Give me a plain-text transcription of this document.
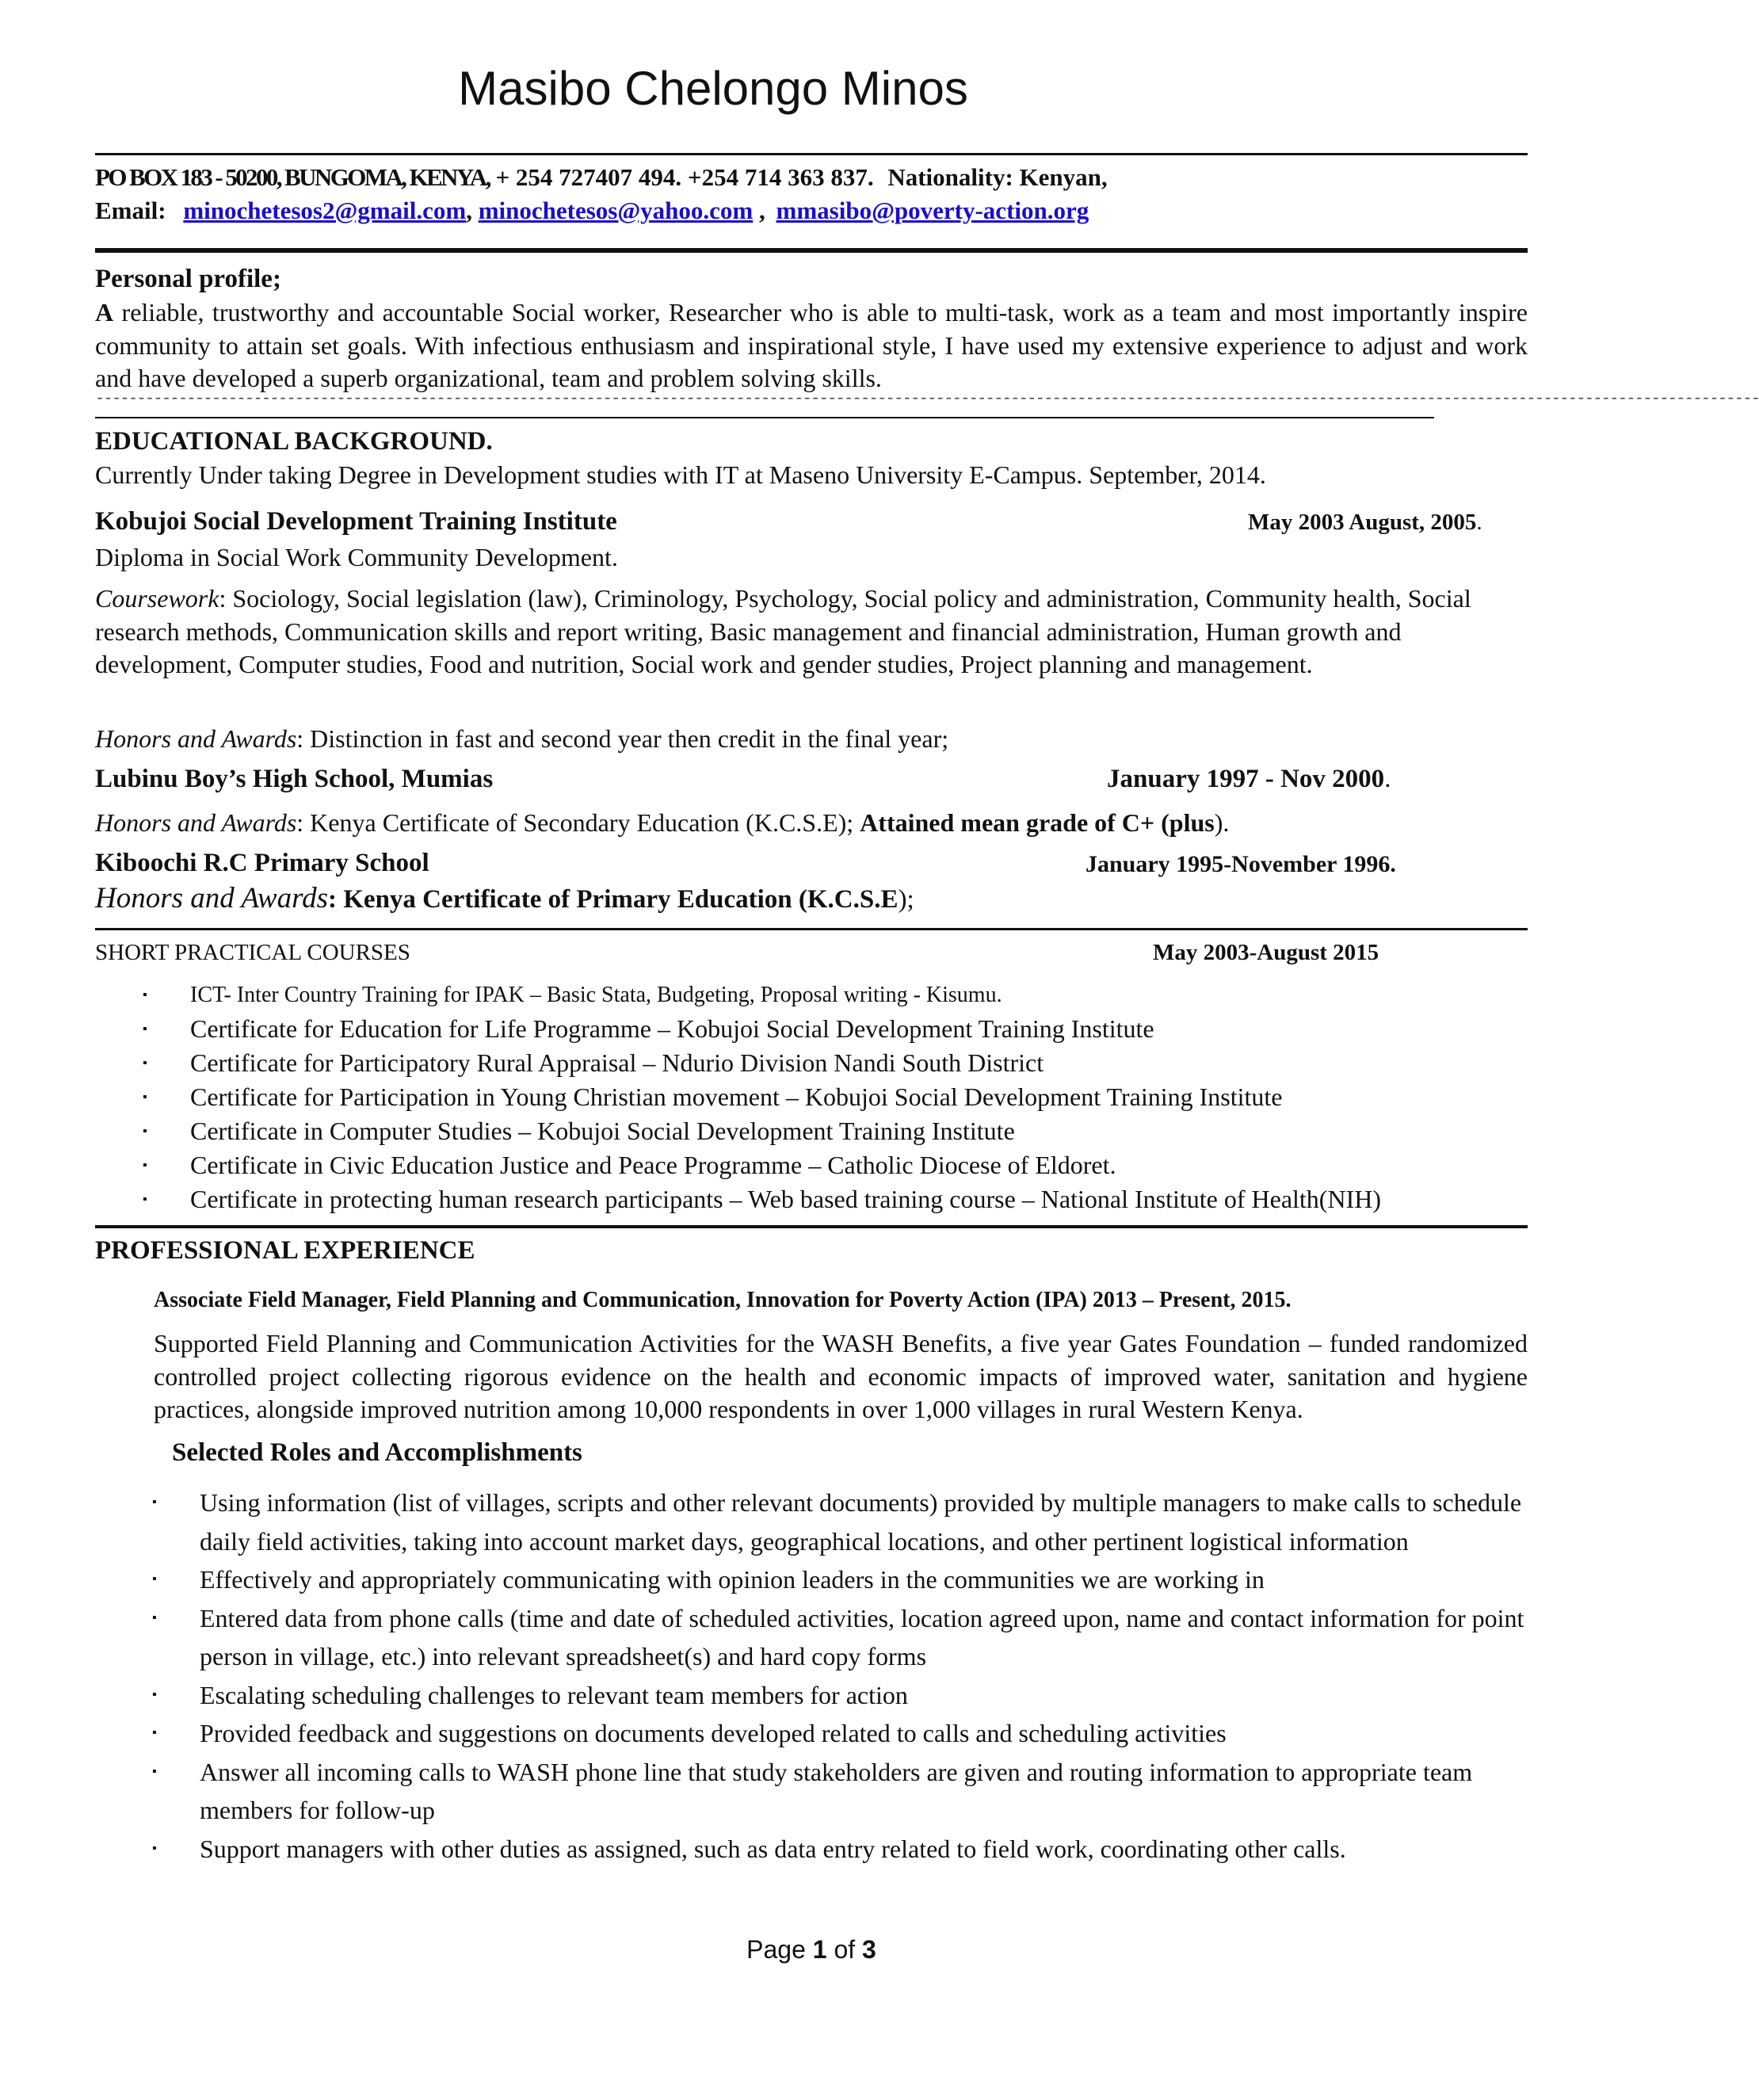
Masibo Chelongo Minos
PO BOX 183 - 50200, BUNGOMA, KENYA, + 254 727407 494. +254 714 363 837. Nationality: Kenyan,
Email: minochetesos2@gmail.com, minochetesos@yahoo.com , mmasibo@poverty-action.org
Personal profile;
A reliable, trustworthy and accountable Social worker, Researcher who is able to multi-task, work as a team and most importantly inspire community to attain set goals. With infectious enthusiasm and inspirational style, I have used my extensive experience to adjust and work and have developed a superb organizational, team and problem solving skills.
--------------------------------------------------------------------------------------------------------------------------------------------------------------------------------------------------------
EDUCATIONAL BACKGROUND.
Currently Under taking Degree in Development studies with IT at Maseno University E-Campus. September, 2014.
Kobujoi Social Development Training Institute	May 2003 August, 2005.
Diploma in Social Work Community Development.
Coursework: Sociology, Social legislation (law), Criminology, Psychology, Social policy and administration, Community health, Social research methods, Communication skills and report writing, Basic management and financial administration, Human growth and development, Computer studies, Food and nutrition, Social work and gender studies, Project planning and management.
Honors and Awards: Distinction in fast and second year then credit in the final year;
Lubinu Boy’s High School, Mumias	January 1997 - Nov 2000.
Honors and Awards: Kenya Certificate of Secondary Education (K.C.S.E); Attained mean grade of C+ (plus).
Kiboochi R.C Primary School	January 1995-November 1996.
Honors and Awards: Kenya Certificate of Primary Education (K.C.S.E);
SHORT PRACTICAL COURSES	May 2003-August 2015
▪ ICT- Inter Country Training for IPAK – Basic Stata, Budgeting, Proposal writing - Kisumu.
▪ Certificate for Education for Life Programme – Kobujoi Social Development Training Institute
▪ Certificate for Participatory Rural Appraisal – Ndurio Division Nandi South District
▪ Certificate for Participation in Young Christian movement – Kobujoi Social Development Training Institute
▪ Certificate in Computer Studies – Kobujoi Social Development Training Institute
▪ Certificate in Civic Education Justice and Peace Programme – Catholic Diocese of Eldoret.
▪ Certificate in protecting human research participants – Web based training course – National Institute of Health(NIH)
PROFESSIONAL EXPERIENCE
Associate Field Manager, Field Planning and Communication, Innovation for Poverty Action (IPA) 2013 – Present, 2015.
Supported Field Planning and Communication Activities for the WASH Benefits, a five year Gates Foundation – funded randomized controlled project collecting rigorous evidence on the health and economic impacts of improved water, sanitation and hygiene practices, alongside improved nutrition among 10,000 respondents in over 1,000 villages in rural Western Kenya.
Selected Roles and Accomplishments
▪ Using information (list of villages, scripts and other relevant documents) provided by multiple managers to make calls to schedule daily field activities, taking into account market days, geographical locations, and other pertinent logistical information
▪ Effectively and appropriately communicating with opinion leaders in the communities we are working in
▪ Entered data from phone calls (time and date of scheduled activities, location agreed upon, name and contact information for point person in village, etc.) into relevant spreadsheet(s) and hard copy forms
▪ Escalating scheduling challenges to relevant team members for action
▪ Provided feedback and suggestions on documents developed related to calls and scheduling activities
▪ Answer all incoming calls to WASH phone line that study stakeholders are given and routing information to appropriate team members for follow-up
▪ Support managers with other duties as assigned, such as data entry related to field work, coordinating other calls.
Page 1 of 3
